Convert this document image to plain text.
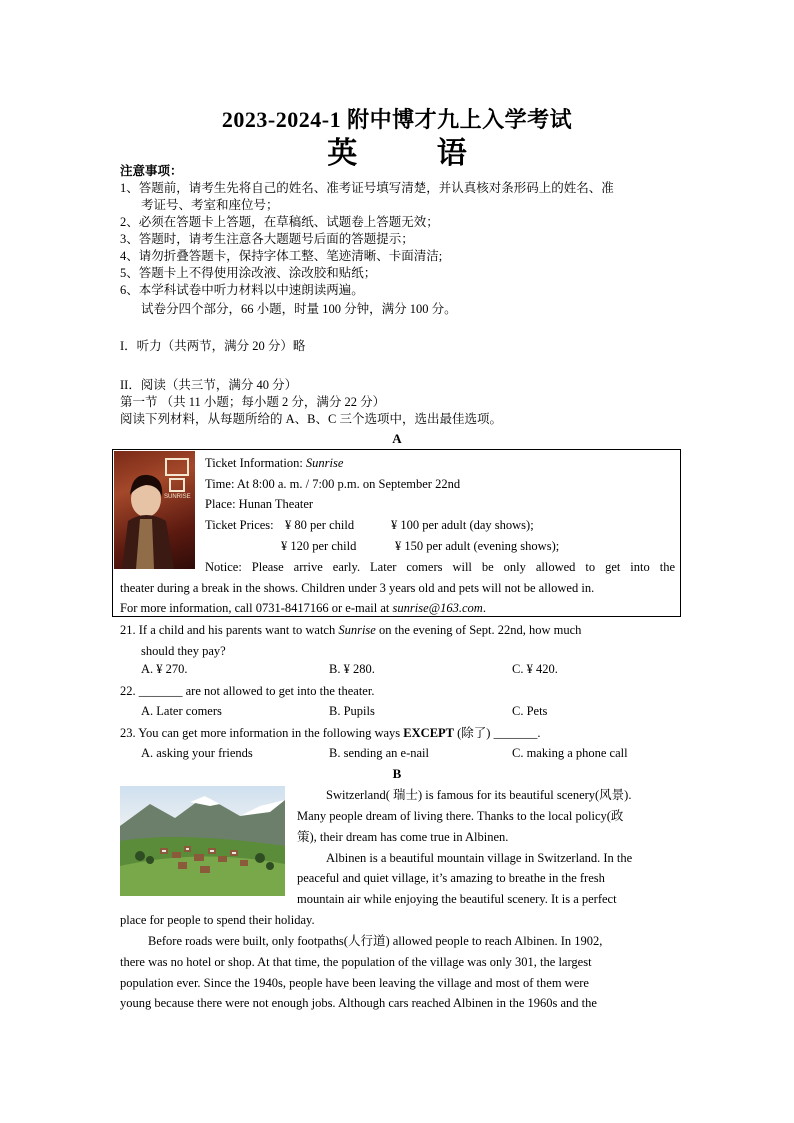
2023-2024-1 附中博才九上入学考试
英 语
注意事项：
1、答题前，请考生先将自己的姓名、准考证号填写清楚，并认真核对条形码上的姓名、准
考证号、考室和座位号；
2、必须在答题卡上答题，在草稿纸、试题卷上答题无效；
3、答题时，请考生注意各大题题号后面的答题提示；
4、请勿折叠答题卡，保持字体工整、笔迹清晰、卡面清洁;
5、答题卡上不得使用涂改液、涂改胶和贴纸；
6、本学科试卷中听力材料以中速朗读两遍。
试卷分四个部分，66 小题，时量 100 分钟，满分 100 分。
I．听力（共两节，满分 20 分）略
II．阅读（共三节，满分 40 分）
第一节 （共 11 小题；每小题 2 分，满分 22 分）
阅读下列材料，从每题所给的 A、B、C 三个选项中，选出最佳选项。
A
SUNRISE
Ticket Information: Sunrise
Time: At 8:00 a. m. / 7:00 p.m. on September 22nd
Place: Hunan Theater
Ticket Prices: ¥ 80 per child	¥ 100 per adult (day shows);
¥ 120 per child	¥ 150 per adult (evening shows);
Notice: Please arrive early. Later comers will be only allowed to get into the
theater during a break in the shows. Children under 3 years old and pets will not be allowed in.
For more information, call 0731-8417166 or e-mail at sunrise@163.com.
21. If a child and his parents want to watch Sunrise on the evening of Sept. 22nd, how much
should they pay?
A. ¥ 270.	B. ¥ 280.	C. ¥ 420.
22. _______ are not allowed to get into the theater.
A. Later comers	B. Pupils	C. Pets
23. You can get more information in the following ways EXCEPT (除了) _______.
A. asking your friends	B. sending an e-nail	C. making a phone call
B
Switzerland( 瑞士) is famous for its beautiful scenery(风景).
Many people dream of living there. Thanks to the local policy(政
策), their dream has come true in Albinen.
Albinen is a beautiful mountain village in Switzerland. In the
peaceful and quiet village, it’s amazing to breathe in the fresh
mountain air while enjoying the beautiful scenery. It is a perfect
place for people to spend their holiday.
Before roads were built, only footpaths(人行道) allowed people to reach Albinen. In 1902,
there was no hotel or shop. At that time, the population of the village was only 301, the largest
population ever. Since the 1940s, people have been leaving the village and most of them were
young because there were not enough jobs. Although cars reached Albinen in the 1960s and the
